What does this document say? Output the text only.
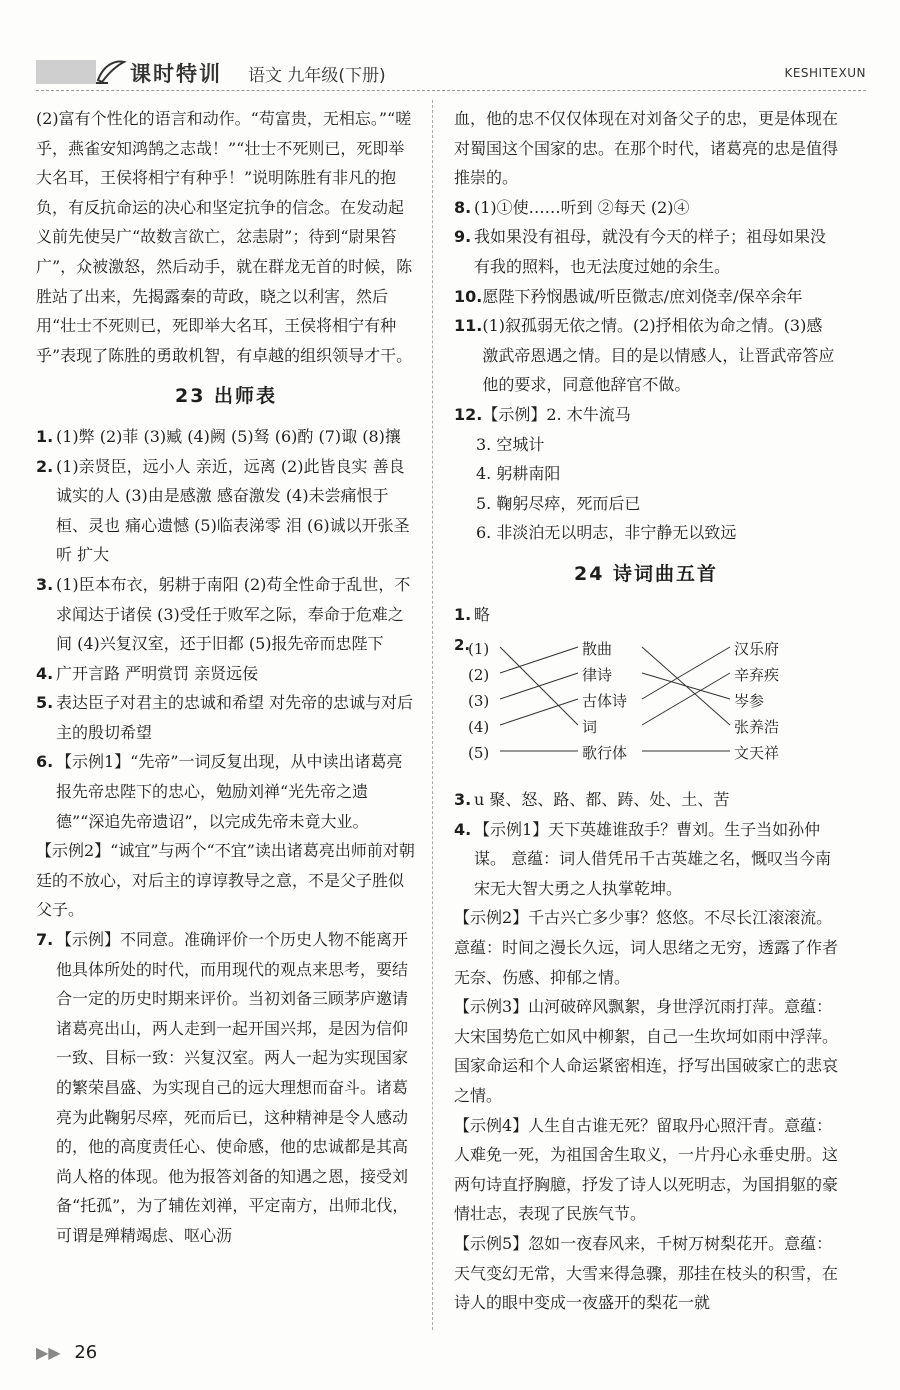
课时特训 语文 九年级(下册)	KESHITEXUN

(2)富有个性化的语言和动作。“苟富贵，无相忘。”“嗟乎，燕雀安知鸿鹄之志哉！”“壮士不死则已，死即举大名耳，王侯将相宁有种乎！”说明陈胜有非凡的抱负，有反抗命运的决心和坚定抗争的信念。在发动起义前先使吴广“故数言欲亡，忿恚尉”；待到“尉果笞广”，众被激怒，然后动手，就在群龙无首的时候，陈胜站了出来，先揭露秦的苛政，晓之以利害，然后用“壮士不死则已，死即举大名耳，王侯将相宁有种乎”表现了陈胜的勇敢机智，有卓越的组织领导才干。

23 出师表
1. (1)弊 (2)菲 (3)臧 (4)阙 (5)驽 (6)酌 (7)诹 (8)攘
2. (1)亲贤臣，远小人 亲近，远离 (2)此皆良实 善良诚实的人 (3)由是感激 感奋激发 (4)未尝痛恨于桓、灵也 痛心遗憾 (5)临表涕零 泪 (6)诚以开张圣听 扩大
3. (1)臣本布衣，躬耕于南阳 (2)苟全性命于乱世，不求闻达于诸侯 (3)受任于败军之际，奉命于危难之间 (4)兴复汉室，还于旧都 (5)报先帝而忠陛下
4. 广开言路 严明赏罚 亲贤远佞
5. 表达臣子对君主的忠诚和希望 对先帝的忠诚与对后主的殷切希望
6. 【示例1】“先帝”一词反复出现，从中读出诸葛亮报先帝忠陛下的忠心，勉励刘禅“光先帝之遗德”“深追先帝遗诏”，以完成先帝未竟大业。
【示例2】“诚宜”与两个“不宜”读出诸葛亮出师前对朝廷的不放心，对后主的谆谆教导之意，不是父子胜似父子。
7. 【示例】不同意。准确评价一个历史人物不能离开他具体所处的时代，而用现代的观点来思考，要结合一定的历史时期来评价。当初刘备三顾茅庐邀请诸葛亮出山，两人走到一起开国兴邦，是因为信仰一致、目标一致：兴复汉室。两人一起为实现国家的繁荣昌盛、为实现自己的远大理想而奋斗。诸葛亮为此鞠躬尽瘁，死而后已，这种精神是令人感动的，他的高度责任心、使命感，他的忠诚都是其高尚人格的体现。他为报答刘备的知遇之恩，接受刘备“托孤”，为了辅佐刘禅，平定南方，出师北伐，可谓是殚精竭虑、呕心沥

血，他的忠不仅仅体现在对刘备父子的忠，更是体现在对蜀国这个国家的忠。在那个时代，诸葛亮的忠是值得推崇的。

8. (1)①使……听到 ②每天 (2)④
9. 我如果没有祖母，就没有今天的样子；祖母如果没有我的照料，也无法度过她的余生。
10. 愿陛下矜悯愚诚/听臣微志/庶刘侥幸/保卒余年
11. (1)叙孤弱无依之情。(2)抒相依为命之情。(3)感激武帝恩遇之情。目的是以情感人，让晋武帝答应他的要求，同意他辞官不做。
12. 【示例】2. 木牛流马
3. 空城计
4. 躬耕南阳
5. 鞠躬尽瘁，死而后已
6. 非淡泊无以明志，非宁静无以致远
24 诗词曲五首
1. 略
2.
(1)
(2)
(3)
(4)
(5)
散曲
律诗
古体诗
词
歌行体
汉乐府
辛弃疾
岑参
张养浩
文天祥
3. u 聚、怒、路、都、踌、处、土、苦
4. 【示例1】天下英雄谁敌手？曹刘。生子当如孙仲谋。 意蕴：词人借凭吊千古英雄之名，慨叹当今南宋无大智大勇之人执掌乾坤。
【示例2】千古兴亡多少事？悠悠。不尽长江滚滚流。 意蕴：时间之漫长久远，词人思绪之无穷，透露了作者无奈、伤感、抑郁之情。
【示例3】山河破碎风飘絮，身世浮沉雨打萍。意蕴：大宋国势危亡如风中柳絮，自己一生坎坷如雨中浮萍。国家命运和个人命运紧密相连，抒写出国破家亡的悲哀之情。
【示例4】人生自古谁无死？留取丹心照汗青。意蕴：人难免一死，为祖国舍生取义，一片丹心永垂史册。这两句诗直抒胸臆，抒发了诗人以死明志，为国捐躯的豪情壮志，表现了民族气节。
【示例5】忽如一夜春风来，千树万树梨花开。意蕴：天气变幻无常，大雪来得急骤，那挂在枝头的积雪，在诗人的眼中变成一夜盛开的梨花一就
▶▶ 26
